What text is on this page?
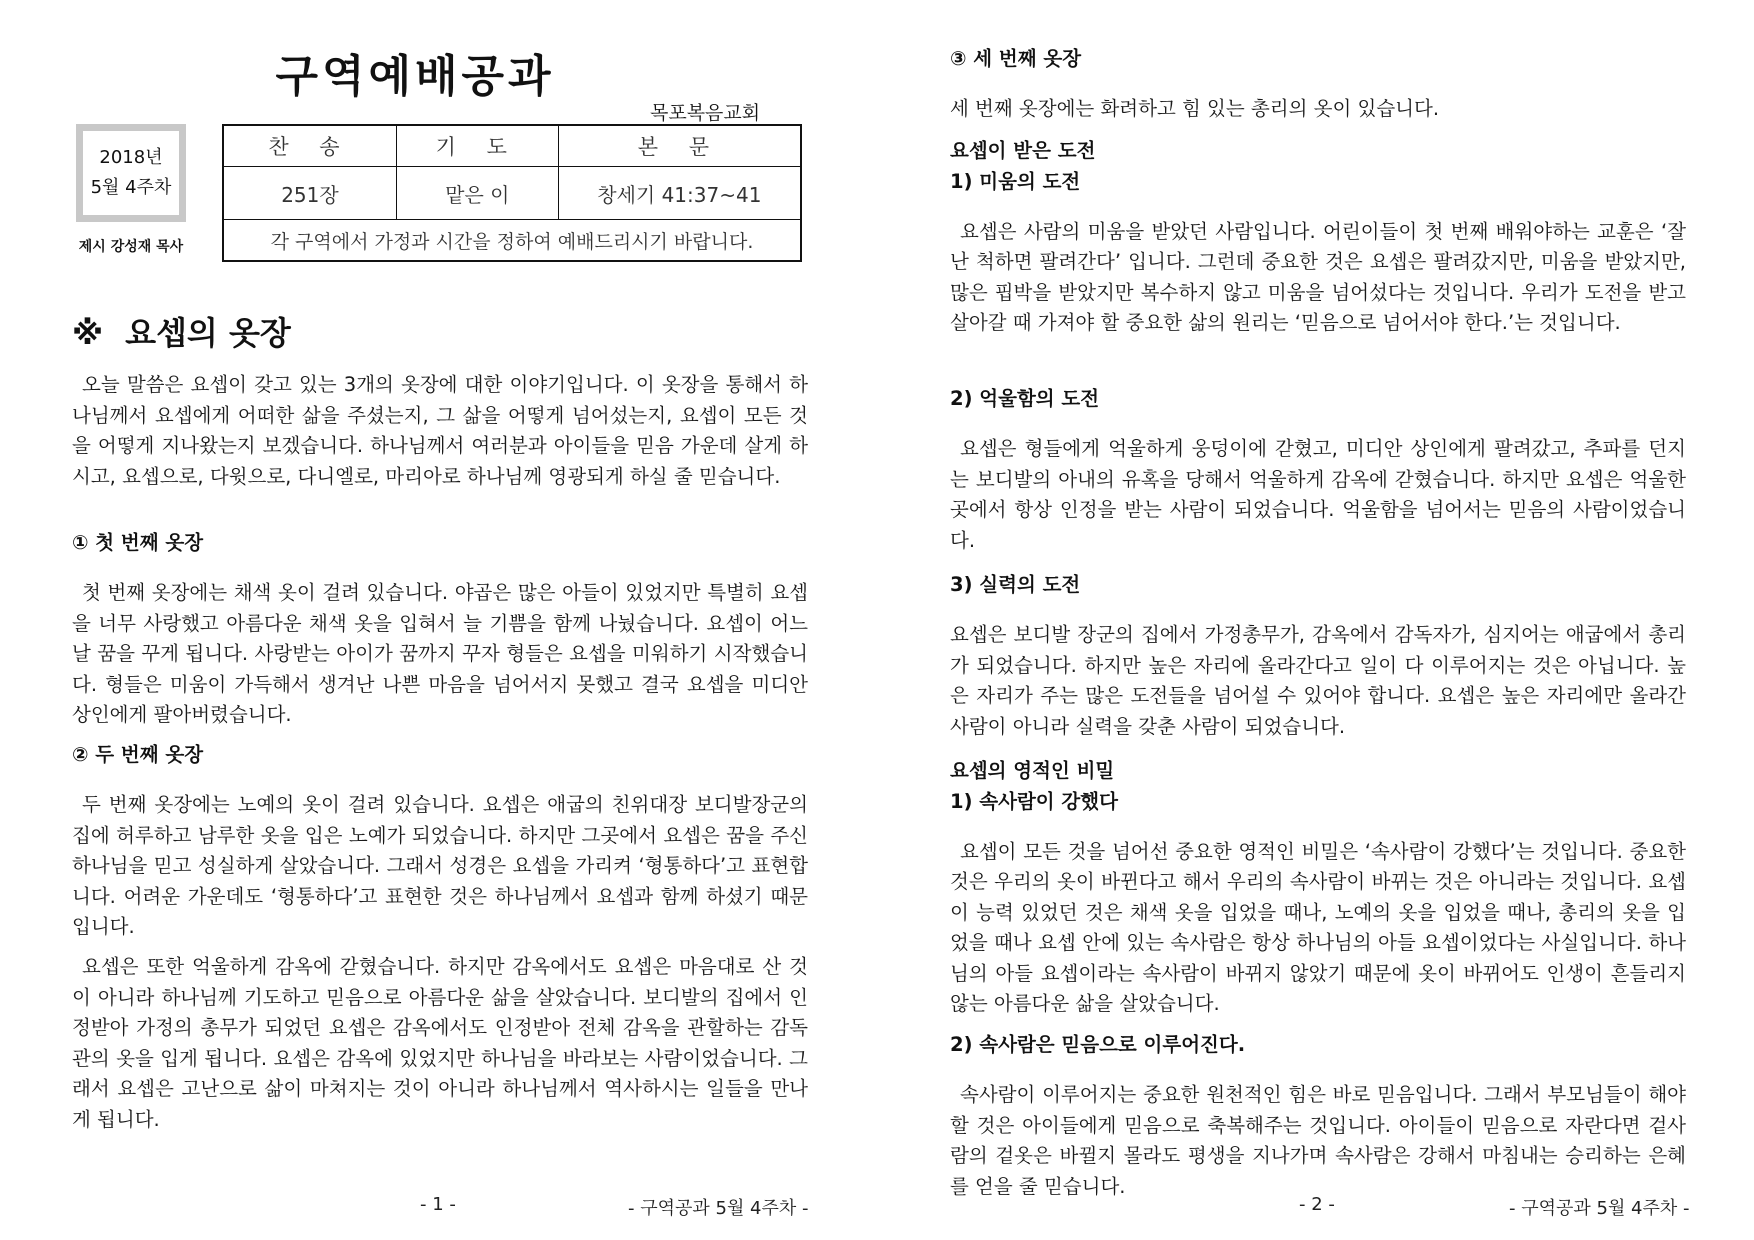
구역예배공과
목포복음교회
2018년
5월 4주차
제시 강성재 목사
찬 송	기 도	본 문
251장	맡은 이	창세기 41:37~41
각 구역에서 가정과 시간을 정하여 예배드리시기 바랍니다.		
※ 요셉의 옷장
오늘 말씀은 요셉이 갖고 있는 3개의 옷장에 대한 이야기입니다. 이 옷장을 통해서 하나님께서 요셉에게 어떠한 삶을 주셨는지, 그 삶을 어떻게 넘어섰는지, 요셉이 모든 것을 어떻게 지나왔는지 보겠습니다. 하나님께서 여러분과 아이들을 믿음 가운데 살게 하시고, 요셉으로, 다윗으로, 다니엘로, 마리아로 하나님께 영광되게 하실 줄 믿습니다.

① 첫 번째 옷장

첫 번째 옷장에는 채색 옷이 걸려 있습니다. 야곱은 많은 아들이 있었지만 특별히 요셉을 너무 사랑했고 아름다운 채색 옷을 입혀서 늘 기쁨을 함께 나눴습니다. 요셉이 어느 날 꿈을 꾸게 됩니다. 사랑받는 아이가 꿈까지 꾸자 형들은 요셉을 미워하기 시작했습니다. 형들은 미움이 가득해서 생겨난 나쁜 마음을 넘어서지 못했고 결국 요셉을 미디안 상인에게 팔아버렸습니다.

② 두 번째 옷장

두 번째 옷장에는 노예의 옷이 걸려 있습니다. 요셉은 애굽의 친위대장 보디발장군의 집에 허루하고 남루한 옷을 입은 노예가 되었습니다. 하지만 그곳에서 요셉은 꿈을 주신 하나님을 믿고 성실하게 살았습니다. 그래서 성경은 요셉을 가리켜 ‘형통하다’고 표현합니다. 어려운 가운데도 ‘형통하다’고 표현한 것은 하나님께서 요셉과 함께 하셨기 때문입니다.

요셉은 또한 억울하게 감옥에 갇혔습니다. 하지만 감옥에서도 요셉은 마음대로 산 것이 아니라 하나님께 기도하고 믿음으로 아름다운 삶을 살았습니다. 보디발의 집에서 인정받아 가정의 총무가 되었던 요셉은 감옥에서도 인정받아 전체 감옥을 관할하는 감독관의 옷을 입게 됩니다. 요셉은 감옥에 있었지만 하나님을 바라보는 사람이었습니다. 그래서 요셉은 고난으로 삶이 마쳐지는 것이 아니라 하나님께서 역사하시는 일들을 만나게 됩니다.
- 1 -	- 구역공과 5월 4주차 -

③ 세 번째 옷장

세 번째 옷장에는 화려하고 힘 있는 총리의 옷이 있습니다.

요셉이 받은 도전

1) 미움의 도전

요셉은 사람의 미움을 받았던 사람입니다. 어린이들이 첫 번째 배워야하는 교훈은 ‘잘난 척하면 팔려간다’ 입니다. 그런데 중요한 것은 요셉은 팔려갔지만, 미움을 받았지만, 많은 핍박을 받았지만 복수하지 않고 미움을 넘어섰다는 것입니다. 우리가 도전을 받고 살아갈 때 가져야 할 중요한 삶의 원리는 ‘믿음으로 넘어서야 한다.’는 것입니다.

2) 억울함의 도전

요셉은 형들에게 억울하게 웅덩이에 갇혔고, 미디안 상인에게 팔려갔고, 추파를 던지는 보디발의 아내의 유혹을 당해서 억울하게 감옥에 갇혔습니다. 하지만 요셉은 억울한 곳에서 항상 인정을 받는 사람이 되었습니다. 억울함을 넘어서는 믿음의 사람이었습니다.

3) 실력의 도전

요셉은 보디발 장군의 집에서 가정총무가, 감옥에서 감독자가, 심지어는 애굽에서 총리가 되었습니다. 하지만 높은 자리에 올라간다고 일이 다 이루어지는 것은 아닙니다. 높은 자리가 주는 많은 도전들을 넘어설 수 있어야 합니다. 요셉은 높은 자리에만 올라간 사람이 아니라 실력을 갖춘 사람이 되었습니다.

요셉의 영적인 비밀

1) 속사람이 강했다

요셉이 모든 것을 넘어선 중요한 영적인 비밀은 ‘속사람이 강했다’는 것입니다. 중요한 것은 우리의 옷이 바뀐다고 해서 우리의 속사람이 바뀌는 것은 아니라는 것입니다. 요셉이 능력 있었던 것은 채색 옷을 입었을 때나, 노예의 옷을 입었을 때나, 총리의 옷을 입었을 때나 요셉 안에 있는 속사람은 항상 하나님의 아들 요셉이었다는 사실입니다. 하나님의 아들 요셉이라는 속사람이 바뀌지 않았기 때문에 옷이 바뀌어도 인생이 흔들리지 않는 아름다운 삶을 살았습니다.

2) 속사람은 믿음으로 이루어진다.

속사람이 이루어지는 중요한 원천적인 힘은 바로 믿음입니다. 그래서 부모님들이 해야 할 것은 아이들에게 믿음으로 축복해주는 것입니다. 아이들이 믿음으로 자란다면 겉사람의 겉옷은 바뀔지 몰라도 평생을 지나가며 속사람은 강해서 마침내는 승리하는 은혜를 얻을 줄 믿습니다.

- 2 -	- 구역공과 5월 4주차 -
